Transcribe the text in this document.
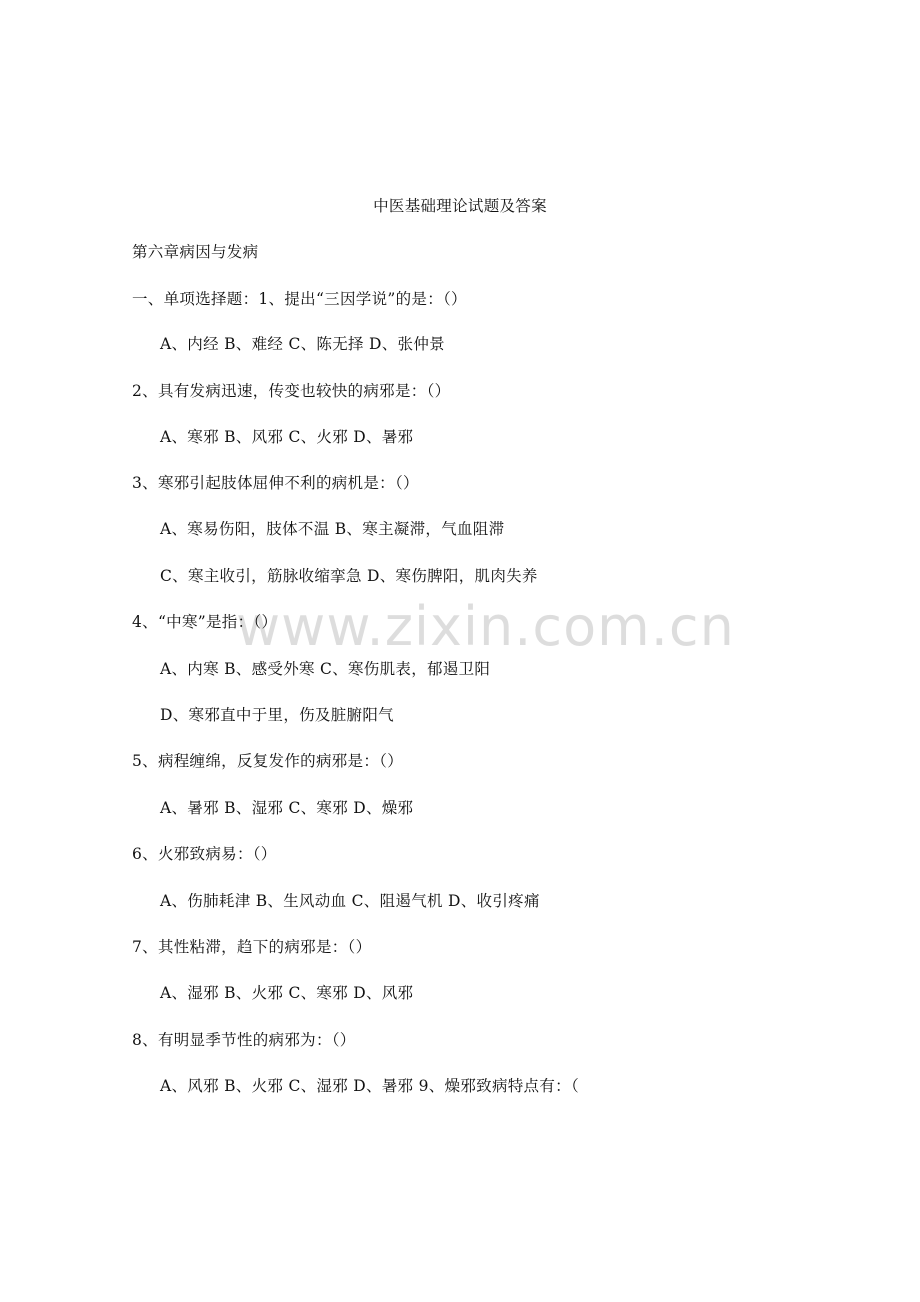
中医基础理论试题及答案
第六章病因与发病
一、单项选择题：1、提出“三因学说”的是：（）
A、内经 B、难经 C、陈无择 D、张仲景
2、具有发病迅速，传变也较快的病邪是：（）
A、寒邪 B、风邪 C、火邪 D、暑邪
3、寒邪引起肢体屈伸不利的病机是：（）
A、寒易伤阳，肢体不温 B、寒主凝滞，气血阻滞
C、寒主收引，筋脉收缩挛急 D、寒伤脾阳，肌肉失养
4、“中寒”是指：（）
A、内寒 B、感受外寒 C、寒伤肌表，郁遏卫阳
D、寒邪直中于里，伤及脏腑阳气
5、病程缠绵，反复发作的病邪是：（）
A、暑邪 B、湿邪 C、寒邪 D、燥邪
6、火邪致病易：（）
A、伤肺耗津 B、生风动血 C、阻遏气机 D、收引疼痛
7、其性粘滞，趋下的病邪是：（）
A、湿邪 B、火邪 C、寒邪 D、风邪
8、有明显季节性的病邪为：（）
A、风邪 B、火邪 C、湿邪 D、暑邪 9、燥邪致病特点有：（
www.zixin.com.cn
